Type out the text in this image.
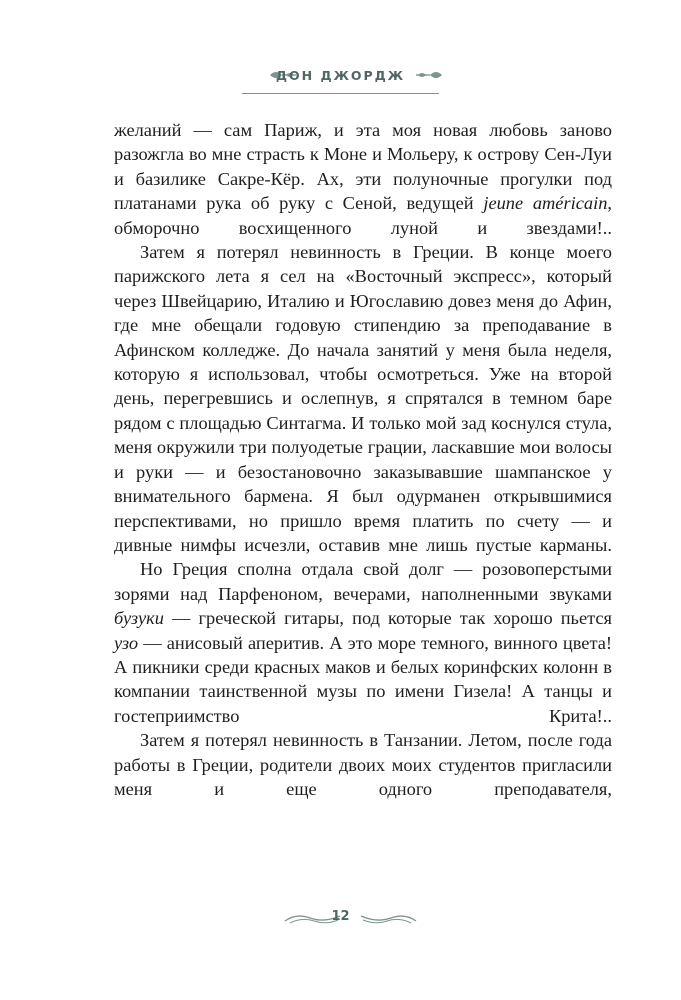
ДОН ДЖОРДЖ

желаний — сам Париж, и эта моя новая любовь заново разожгла во мне страсть к Моне и Мольеру, к острову Сен-Луи и базилике Сакре-Кёр. Ах, эти полуночные прогулки под платанами рука об руку с Сеной, ведущей jeune américain, обморочно восхищенного луной и звездами!..

Затем я потерял невинность в Греции. В конце моего парижского лета я сел на «Восточный экспресс», который через Швейцарию, Италию и Югославию довез меня до Афин, где мне обещали годовую стипендию за преподавание в Афинском колледже. До начала занятий у меня была неделя, которую я использовал, чтобы осмотреться. Уже на второй день, перегревшись и ослепнув, я спрятался в темном баре рядом с площадью Синтагма. И только мой зад коснулся стула, меня окружили три полуодетые грации, ласкавшие мои волосы и руки — и безостановочно заказывавшие шампанское у внимательного бармена. Я был одурманен открывшимися перспективами, но пришло время платить по счету — и дивные нимфы исчезли, оставив мне лишь пустые карманы.

Но Греция сполна отдала свой долг — розовоперстыми зорями над Парфеноном, вечерами, наполненными звуками бузуки — греческой гитары, под которые так хорошо пьется узо — анисовый аперитив. А это море темного, винного цвета! А пикники среди красных маков и белых коринфских колонн в компании таинственной музы по имени Гизела! А танцы и гостеприимство Крита!..

Затем я потерял невинность в Танзании. Летом, после года работы в Греции, родители двоих моих студентов пригласили меня и еще одного преподавателя,

12
